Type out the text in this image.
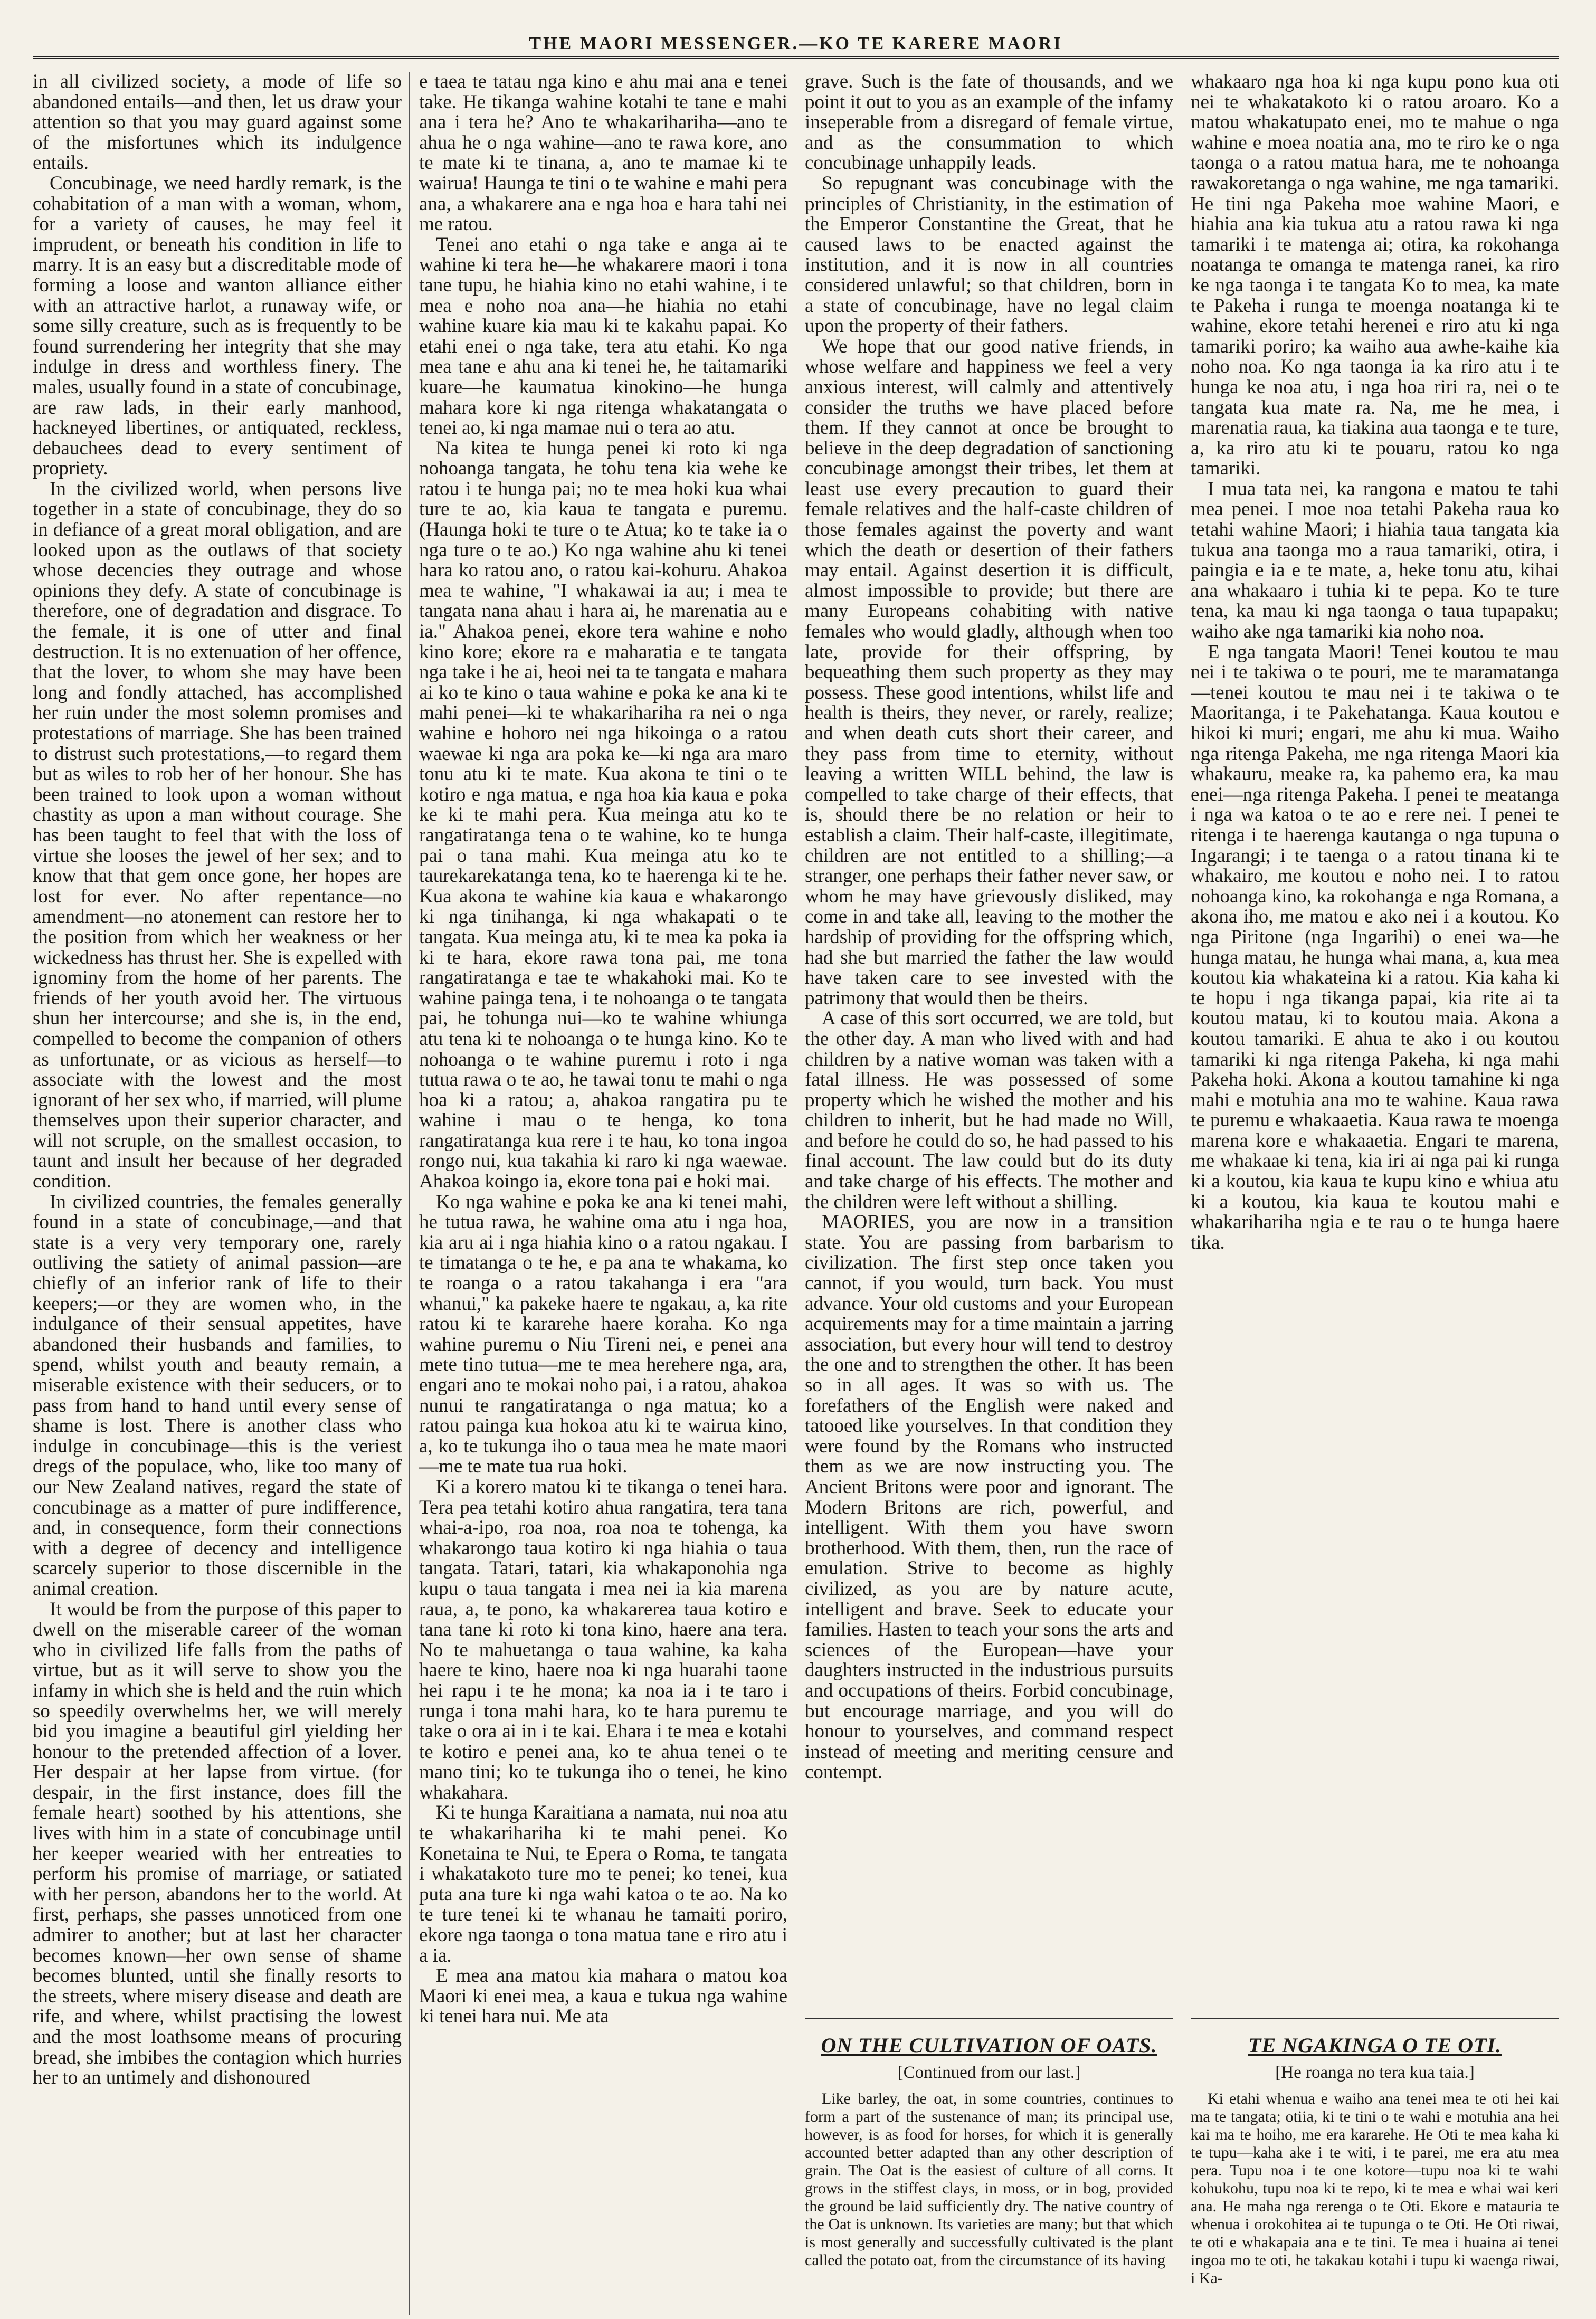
THE MAORI MESSENGER.—KO TE KARERE MAORI

in all civilized society, a mode of life so abandoned entails—and then, let us draw your attention so that you may guard against some of the misfortunes which its indulgence entails.

Concubinage, we need hardly remark, is the cohabitation of a man with a woman, whom, for a variety of causes, he may feel it imprudent, or beneath his condition in life to marry. It is an easy but a discreditable mode of forming a loose and wanton alliance either with an attractive harlot, a runaway wife, or some silly creature, such as is frequently to be found surrendering her integrity that she may indulge in dress and worthless finery. The males, usually found in a state of concubinage, are raw lads, in their early manhood, hackneyed libertines, or antiquated, reckless, debauchees dead to every sentiment of propriety.

In the civilized world, when persons live together in a state of concubinage, they do so in defiance of a great moral obligation, and are looked upon as the outlaws of that society whose decencies they outrage and whose opinions they defy. A state of concubinage is therefore, one of degradation and disgrace. To the female, it is one of utter and final destruction. It is no extenuation of her offence, that the lover, to whom she may have been long and fondly attached, has accomplished her ruin under the most solemn promises and protestations of marriage. She has been trained to distrust such protestations,—to regard them but as wiles to rob her of her honour. She has been trained to look upon a woman without chastity as upon a man without courage. She has been taught to feel that with the loss of virtue she looses the jewel of her sex; and to know that that gem once gone, her hopes are lost for ever. No after repentance—no amendment—no atonement can restore her to the position from which her weakness or her wickedness has thrust her. She is expelled with ignominy from the home of her parents. The friends of her youth avoid her. The virtuous shun her intercourse; and she is, in the end, compelled to become the companion of others as unfortunate, or as vicious as herself—to associate with the lowest and the most ignorant of her sex who, if married, will plume themselves upon their superior character, and will not scruple, on the smallest occasion, to taunt and insult her because of her degraded condition.

In civilized countries, the females generally found in a state of concubinage,—and that state is a very very temporary one, rarely outliving the satiety of animal passion—are chiefly of an inferior rank of life to their keepers;—or they are women who, in the indulgance of their sensual appetites, have abandoned their husbands and families, to spend, whilst youth and beauty remain, a miserable existence with their seducers, or to pass from hand to hand until every sense of shame is lost. There is another class who indulge in concubinage—this is the veriest dregs of the populace, who, like too many of our New Zealand natives, regard the state of concubinage as a matter of pure indifference, and, in consequence, form their connections with a degree of decency and intelligence scarcely superior to those discernible in the animal creation.

It would be from the purpose of this paper to dwell on the miserable career of the woman who in civilized life falls from the paths of virtue, but as it will serve to show you the infamy in which she is held and the ruin which so speedily overwhelms her, we will merely bid you imagine a beautiful girl yielding her honour to the pretended affection of a lover. Her despair at her lapse from virtue. (for despair, in the first instance, does fill the female heart) soothed by his attentions, she lives with him in a state of concubinage until her keeper wearied with her entreaties to perform his promise of marriage, or satiated with her person, abandons her to the world. At first, perhaps, she passes unnoticed from one admirer to another; but at last her character becomes known—her own sense of shame becomes blunted, until she finally resorts to the streets, where misery disease and death are rife, and where, whilst practising the lowest and the most loathsome means of procuring bread, she imbibes the contagion which hurries her to an untimely and dishonoured

e taea te tatau nga kino e ahu mai ana e tenei take. He tikanga wahine kotahi te tane e mahi ana i tera he? Ano te whakarihariha—ano te ahua he o nga wahine—ano te rawa kore, ano te mate ki te tinana, a, ano te mamae ki te wairua! Haunga te tini o te wahine e mahi pera ana, a whakarere ana e nga hoa e hara tahi nei me ratou.

Tenei ano etahi o nga take e anga ai te wahine ki tera he—he whakarere maori i tona tane tupu, he hiahia kino no etahi wahine, i te mea e noho noa ana—he hiahia no etahi wahine kuare kia mau ki te kakahu papai. Ko etahi enei o nga take, tera atu etahi. Ko nga mea tane e ahu ana ki tenei he, he taitamariki kuare—he kaumatua kinokino—he hunga mahara kore ki nga ritenga whakatangata o tenei ao, ki nga mamae nui o tera ao atu.

Na kitea te hunga penei ki roto ki nga nohoanga tangata, he tohu tena kia wehe ke ratou i te hunga pai; no te mea hoki kua whai ture te ao, kia kaua te tangata e puremu. (Haunga hoki te ture o te Atua; ko te take ia o nga ture o te ao.) Ko nga wahine ahu ki tenei hara ko ratou ano, o ratou kai-kohuru. Ahakoa mea te wahine, "I whakawai ia au; i mea te tangata nana ahau i hara ai, he marenatia au e ia." Ahakoa penei, ekore tera wahine e noho kino kore; ekore ra e maharatia e te tangata nga take i he ai, heoi nei ta te tangata e mahara ai ko te kino o taua wahine e poka ke ana ki te mahi penei—ki te whakarihariha ra nei o nga wahine e hohoro nei nga hikoinga o a ratou waewae ki nga ara poka ke—ki nga ara maro tonu atu ki te mate. Kua akona te tini o te kotiro e nga matua, e nga hoa kia kaua e poka ke ki te mahi pera. Kua meinga atu ko te rangatiratanga tena o te wahine, ko te hunga pai o tana mahi. Kua meinga atu ko te taurekarekatanga tena, ko te haerenga ki te he. Kua akona te wahine kia kaua e whakarongo ki nga tinihanga, ki nga whakapati o te tangata. Kua meinga atu, ki te mea ka poka ia ki te hara, ekore rawa tona pai, me tona rangatiratanga e tae te whakahoki mai. Ko te wahine painga tena, i te nohoanga o te tangata pai, he tohunga nui—ko te wahine whiunga atu tena ki te nohoanga o te hunga kino. Ko te nohoanga o te wahine puremu i roto i nga tutua rawa o te ao, he tawai tonu te mahi o nga hoa ki a ratou; a, ahakoa rangatira pu te wahine i mau o te henga, ko tona rangatiratanga kua rere i te hau, ko tona ingoa rongo nui, kua takahia ki raro ki nga waewae. Ahakoa koingo ia, ekore tona pai e hoki mai.

Ko nga wahine e poka ke ana ki tenei mahi, he tutua rawa, he wahine oma atu i nga hoa, kia aru ai i nga hiahia kino o a ratou ngakau. I te timatanga o te he, e pa ana te whakama, ko te roanga o a ratou takahanga i era "ara whanui," ka pakeke haere te ngakau, a, ka rite ratou ki te kararehe haere koraha. Ko nga wahine puremu o Niu Tireni nei, e penei ana mete tino tutua—me te mea herehere nga, ara, engari ano te mokai noho pai, i a ratou, ahakoa nunui te rangatiratanga o nga matua; ko a ratou painga kua hokoa atu ki te wairua kino, a, ko te tukunga iho o taua mea he mate maori—me te mate tua rua hoki.

Ki a korero matou ki te tikanga o tenei hara. Tera pea tetahi kotiro ahua rangatira, tera tana whai-a-ipo, roa noa, roa noa te tohenga, ka whakarongo taua kotiro ki nga hiahia o taua tangata. Tatari, tatari, kia whakaponohia nga kupu o taua tangata i mea nei ia kia marena raua, a, te pono, ka whakarerea taua kotiro e tana tane ki roto ki tona kino, haere ana tera. No te mahuetanga o taua wahine, ka kaha haere te kino, haere noa ki nga huarahi taone hei rapu i te he mona; ka noa ia i te taro i runga i tona mahi hara, ko te hara puremu te take o ora ai in i te kai. Ehara i te mea e kotahi te kotiro e penei ana, ko te ahua tenei o te mano tini; ko te tukunga iho o tenei, he kino whakahara.

Ki te hunga Karaitiana a namata, nui noa atu te whakarihariha ki te mahi penei. Ko Konetaina te Nui, te Epera o Roma, te tangata i whakatakoto ture mo te penei; ko tenei, kua puta ana ture ki nga wahi katoa o te ao. Na ko te ture tenei ki te whanau he tamaiti poriro, ekore nga taonga o tona matua tane e riro atu i a ia.

E mea ana matou kia mahara o matou koa Maori ki enei mea, a kaua e tukua nga wahine ki tenei hara nui. Me ata

grave. Such is the fate of thousands, and we point it out to you as an example of the infamy inseperable from a disregard of female virtue, and as the consummation to which concubinage unhappily leads.

So repugnant was concubinage with the principles of Christianity, in the estimation of the Emperor Constantine the Great, that he caused laws to be enacted against the institution, and it is now in all countries considered unlawful; so that children, born in a state of concubinage, have no legal claim upon the property of their fathers.

We hope that our good native friends, in whose welfare and happiness we feel a very anxious interest, will calmly and attentively consider the truths we have placed before them. If they cannot at once be brought to believe in the deep degradation of sanctioning concubinage amongst their tribes, let them at least use every precaution to guard their female relatives and the half-caste children of those females against the poverty and want which the death or desertion of their fathers may entail. Against desertion it is difficult, almost impossible to provide; but there are many Europeans cohabiting with native females who would gladly, although when too late, provide for their offspring, by bequeathing them such property as they may possess. These good intentions, whilst life and health is theirs, they never, or rarely, realize; and when death cuts short their career, and they pass from time to eternity, without leaving a written WILL behind, the law is compelled to take charge of their effects, that is, should there be no relation or heir to establish a claim. Their half-caste, illegitimate, children are not entitled to a shilling;—a stranger, one perhaps their father never saw, or whom he may have grievously disliked, may come in and take all, leaving to the mother the hardship of providing for the offspring which, had she but married the father the law would have taken care to see invested with the patrimony that would then be theirs.

A case of this sort occurred, we are told, but the other day. A man who lived with and had children by a native woman was taken with a fatal illness. He was possessed of some property which he wished the mother and his children to inherit, but he had made no Will, and before he could do so, he had passed to his final account. The law could but do its duty and take charge of his effects. The mother and the children were left without a shilling.

MAORIES, you are now in a transition state. You are passing from barbarism to civilization. The first step once taken you cannot, if you would, turn back. You must advance. Your old customs and your European acquirements may for a time maintain a jarring association, but every hour will tend to destroy the one and to strengthen the other. It has been so in all ages. It was so with us. The forefathers of the English were naked and tatooed like yourselves. In that condition they were found by the Romans who instructed them as we are now instructing you. The Ancient Britons were poor and ignorant. The Modern Britons are rich, powerful, and intelligent. With them you have sworn brotherhood. With them, then, run the race of emulation. Strive to become as highly civilized, as you are by nature acute, intelligent and brave. Seek to educate your families. Hasten to teach your sons the arts and sciences of the European—have your daughters instructed in the industrious pursuits and occupations of theirs. Forbid concubinage, but encourage marriage, and you will do honour to yourselves, and command respect instead of meeting and meriting censure and contempt.

ON THE CULTIVATION OF OATS.
[Continued from our last.]

Like barley, the oat, in some countries, continues to form a part of the sustenance of man; its principal use, however, is as food for horses, for which it is generally accounted better adapted than any other description of grain. The Oat is the easiest of culture of all corns. It grows in the stiffest clays, in moss, or in bog, provided the ground be laid sufficiently dry. The native country of the Oat is unknown. Its varieties are many; but that which is most generally and successfully cultivated is the plant called the potato oat, from the circumstance of its having

whakaaro nga hoa ki nga kupu pono kua oti nei te whakatakoto ki o ratou aroaro. Ko a matou whakatupato enei, mo te mahue o nga wahine e moea noatia ana, mo te riro ke o nga taonga o a ratou matua hara, me te nohoanga rawakoretanga o nga wahine, me nga tamariki. He tini nga Pakeha moe wahine Maori, e hiahia ana kia tukua atu a ratou rawa ki nga tamariki i te matenga ai; otira, ka rokohanga noatanga te omanga te matenga ranei, ka riro ke nga taonga i te tangata Ko to mea, ka mate te Pakeha i runga te moenga noatanga ki te wahine, ekore tetahi herenei e riro atu ki nga tamariki poriro; ka waiho aua awhe-kaihe kia noho noa. Ko nga taonga ia ka riro atu i te hunga ke noa atu, i nga hoa riri ra, nei o te tangata kua mate ra. Na, me he mea, i marenatia raua, ka tiakina aua taonga e te ture, a, ka riro atu ki te pouaru, ratou ko nga tamariki.

I mua tata nei, ka rangona e matou te tahi mea penei. I moe noa tetahi Pakeha raua ko tetahi wahine Maori; i hiahia taua tangata kia tukua ana taonga mo a raua tamariki, otira, i paingia e ia e te mate, a, heke tonu atu, kihai ana whakaaro i tuhia ki te pepa. Ko te ture tena, ka mau ki nga taonga o taua tupapaku; waiho ake nga tamariki kia noho noa.

E nga tangata Maori! Tenei koutou te mau nei i te takiwa o te pouri, me te maramatanga—tenei koutou te mau nei i te takiwa o te Maoritanga, i te Pakehatanga. Kaua koutou e hikoi ki muri; engari, me ahu ki mua. Waiho nga ritenga Pakeha, me nga ritenga Maori kia whakauru, meake ra, ka pahemo era, ka mau enei—nga ritenga Pakeha. I penei te meatanga i nga wa katoa o te ao e rere nei. I penei te ritenga i te haerenga kautanga o nga tupuna o Ingarangi; i te taenga o a ratou tinana ki te whakairo, me koutou e noho nei. I to ratou nohoanga kino, ka rokohanga e nga Romana, a akona iho, me matou e ako nei i a koutou. Ko nga Piritone (nga Ingarihi) o enei wa—he hunga matau, he hunga whai mana, a, kua mea koutou kia whakateina ki a ratou. Kia kaha ki te hopu i nga tikanga papai, kia rite ai ta koutou matau, ki to koutou maia. Akona a koutou tamariki. E ahua te ako i ou koutou tamariki ki nga ritenga Pakeha, ki nga mahi Pakeha hoki. Akona a koutou tamahine ki nga mahi e motuhia ana mo te wahine. Kaua rawa te puremu e whakaaetia. Kaua rawa te moenga marena kore e whakaaetia. Engari te marena, me whakaae ki tena, kia iri ai nga pai ki runga ki a koutou, kia kaua te kupu kino e whiua atu ki a koutou, kia kaua te koutou mahi e whakarihariha ngia e te rau o te hunga haere tika.

TE NGAKINGA O TE OTI.
[He roanga no tera kua taia.]

Ki etahi whenua e waiho ana tenei mea te oti hei kai ma te tangata; otiia, ki te tini o te wahi e motuhia ana hei kai ma te hoiho, me era kararehe. He Oti te mea kaha ki te tupu—kaha ake i te witi, i te parei, me era atu mea pera. Tupu noa i te one kotore—tupu noa ki te wahi kohukohu, tupu noa ki te repo, ki te mea e whai wai keri ana. He maha nga rerenga o te Oti. Ekore e matauria te whenua i orokohitea ai te tupunga o te Oti. He Oti riwai, te oti e whakapaia ana e te tini. Te mea i huaina ai tenei ingoa mo te oti, he takakau kotahi i tupu ki waenga riwai, i Ka-
